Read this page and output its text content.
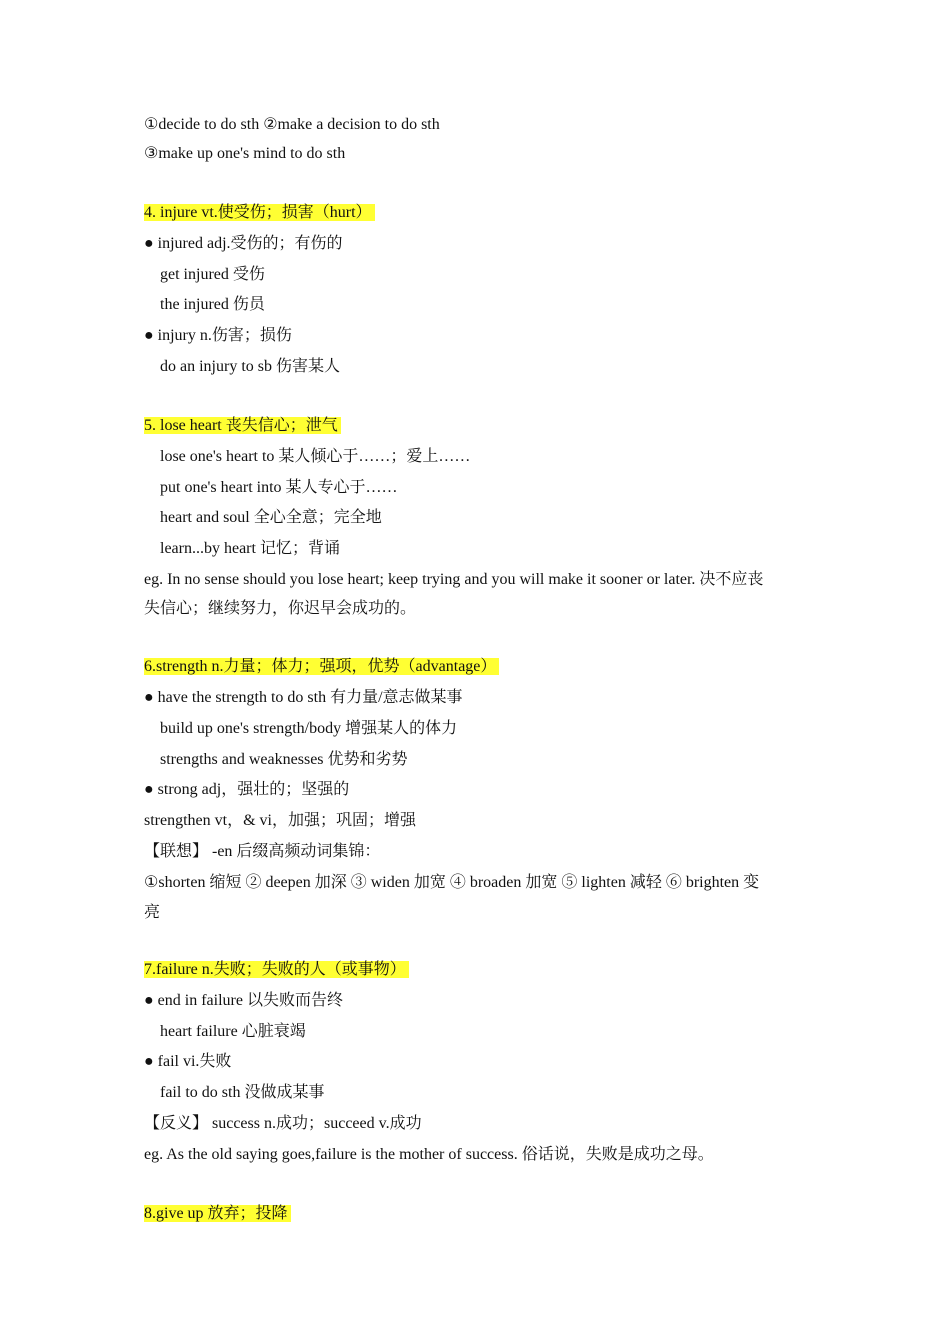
①decide to do sth ②make a decision to do sth
③make up one's mind to do sth
4. injure vt.使受伤；损害（hurt）
● injured adj.受伤的；有伤的
get injured 受伤
the injured 伤员
● injury n.伤害；损伤
do an injury to sb 伤害某人
5. lose heart 丧失信心；泄气
lose one's heart to 某人倾心于……；爱上……
put one's heart into 某人专心于……
heart and soul 全心全意；完全地
learn...by heart 记忆；背诵
eg. In no sense should you lose heart; keep trying and you will make it sooner or later. 决不应丧
失信心；继续努力，你迟早会成功的。
6.strength n.力量；体力；强项，优势（advantage）
● have the strength to do sth 有力量/意志做某事
build up one's strength/body 增强某人的体力
strengths and weaknesses 优势和劣势
● strong adj，强壮的；坚强的
strengthen vt，& vi，加强；巩固；增强
【联想】 -en 后缀高频动词集锦：
①shorten 缩短 ② deepen 加深 ③ widen 加宽 ④ broaden 加宽 ⑤ lighten 减轻 ⑥ brighten 变
亮
7.failure n.失败；失败的人（或事物）
● end in failure 以失败而告终
heart failure 心脏衰竭
● fail vi.失败
fail to do sth 没做成某事
【反义】 success n.成功；succeed v.成功
eg. As the old saying goes,failure is the mother of success. 俗话说，失败是成功之母。
8.give up 放弃；投降
